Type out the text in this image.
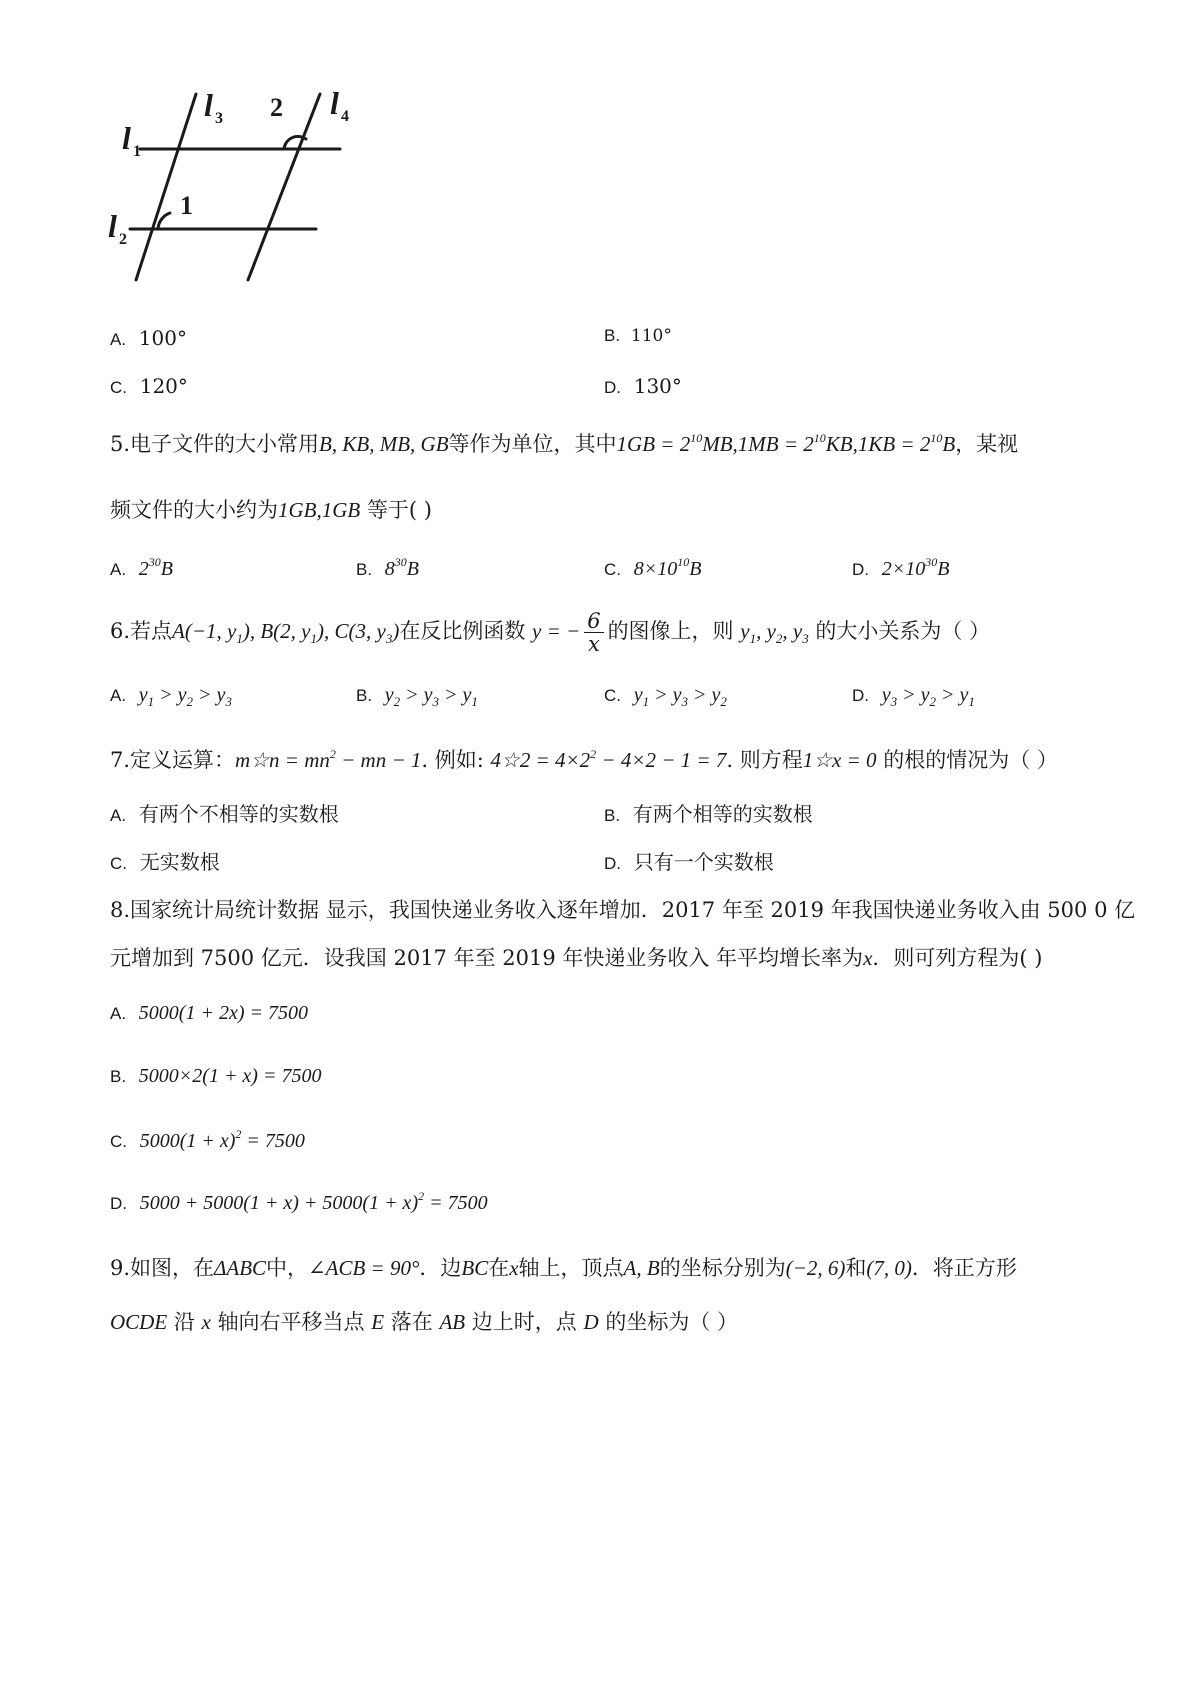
l 1
l 2
l 3	l 4
1
2
A. 100°	B. 110°
C. 120°	D. 130°
5.电子文件的大小常用B, KB, MB, GB等作为单位，其中$1GB = 2^{10}MB,1MB = 2^{10}KB,1KB = 2^{10}B$，某视
频文件的大小约为1GB,1GB 等于( )
A. $2^{30}B$	B. $8^{30}B$	C. $8\times 10^{10}B$	D. $2\times 10^{30}B$
6.若点A(−1, $y_1$), B(2, $y_1$), C(3, $y_3$)在反比例函数 y = − $\frac{6}{x}$ 的图像上，则 $y_1$, $y_2$, $y_3$ 的大小关系为（ ）
A. $y_1 > y_2 > y_3$	B. $y_2 > y_3 > y_1$	C. $y_1 > y_3 > y_2$	D. $y_3 > y_2 > y_1$
7.定义运算：m☆n = $mn^2$ − mn − 1. 例如: 4☆2 = $4\times 2^2 - 4\times 2 - 1 = 7$. 则方程1☆x = 0 的根的情况为（ ）
A. 有两个不相等的实数根	B. 有两个相等的实数根
C. 无实数根	D. 只有一个实数根
8.国家统计局统计数据 显示，我国快递业务收入逐年增加．2017 年至 2019 年我国快递业务收入由 500 0 亿
元增加到 7500 亿元．设我国 2017 年至 2019 年快递业务收入 年平均增长率为x．则可列方程为( )
A. 5000(1 + 2x) = 7500
B. 5000×2(1 + x) = 7500
C. $5000(1 + x)^2 = 7500$
D. $5000 + 5000(1 + x) + 5000(1 + x)^2 = 7500$
9.如图，在ΔABC中，∠ACB = 90°．边BC在x轴上，顶点A, B的坐标分别为(−2, 6)和(7, 0)．将正方形
OCDE 沿 x 轴向右平移当点 E 落在 AB 边上时，点 D 的坐标为（ ）
